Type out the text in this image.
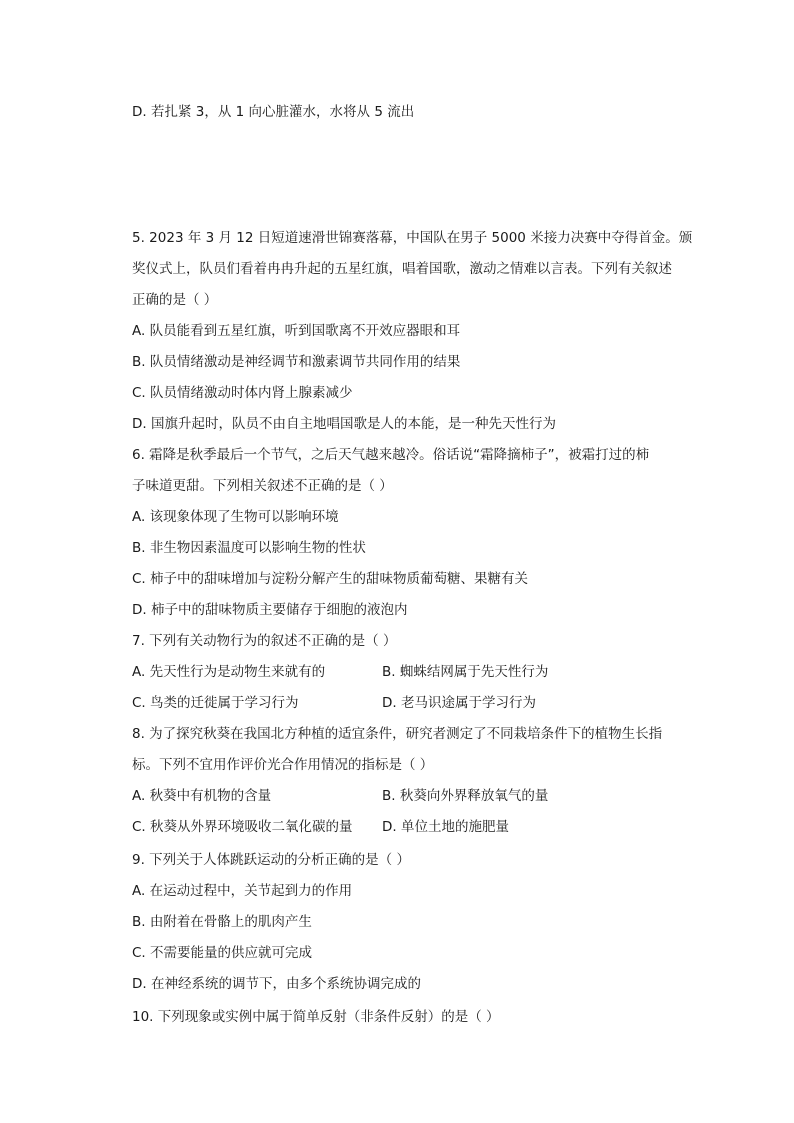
D. 若扎紧 3，从 1 向心脏灌水，水将从 5 流出
5. 2023 年 3 月 12 日短道速滑世锦赛落幕，中国队在男子 5000 米接力决赛中夺得首金。颁
奖仪式上，队员们看着冉冉升起的五星红旗，唱着国歌，激动之情难以言表。下列有关叙述
正确的是（ ）
A. 队员能看到五星红旗，听到国歌离不开效应器眼和耳
B. 队员情绪激动是神经调节和激素调节共同作用的结果
C. 队员情绪激动时体内肾上腺素减少
D. 国旗升起时，队员不由自主地唱国歌是人的本能，是一种先天性行为
6. 霜降是秋季最后一个节气，之后天气越来越冷。俗话说“霜降摘柿子”，被霜打过的柿
子味道更甜。下列相关叙述不正确的是（ ）
A. 该现象体现了生物可以影响环境
B. 非生物因素温度可以影响生物的性状
C. 柿子中的甜味增加与淀粉分解产生的甜味物质葡萄糖、果糖有关
D. 柿子中的甜味物质主要储存于细胞的液泡内
7. 下列有关动物行为的叙述不正确的是（ ）
A. 先天性行为是动物生来就有的	B. 蜘蛛结网属于先天性行为
C. 鸟类的迁徙属于学习行为	D. 老马识途属于学习行为
8. 为了探究秋葵在我国北方种植的适宜条件，研究者测定了不同栽培条件下的植物生长指
标。下列不宜用作评价光合作用情况的指标是（ ）
A. 秋葵中有机物的含量	B. 秋葵向外界释放氧气的量
C. 秋葵从外界环境吸收二氧化碳的量 D. 单位土地的施肥量
9. 下列关于人体跳跃运动的分析正确的是（ ）
A. 在运动过程中，关节起到力的作用
B. 由附着在骨骼上的肌肉产生
C. 不需要能量的供应就可完成
D. 在神经系统的调节下，由多个系统协调完成的
10. 下列现象或实例中属于简单反射（非条件反射）的是（ ）
